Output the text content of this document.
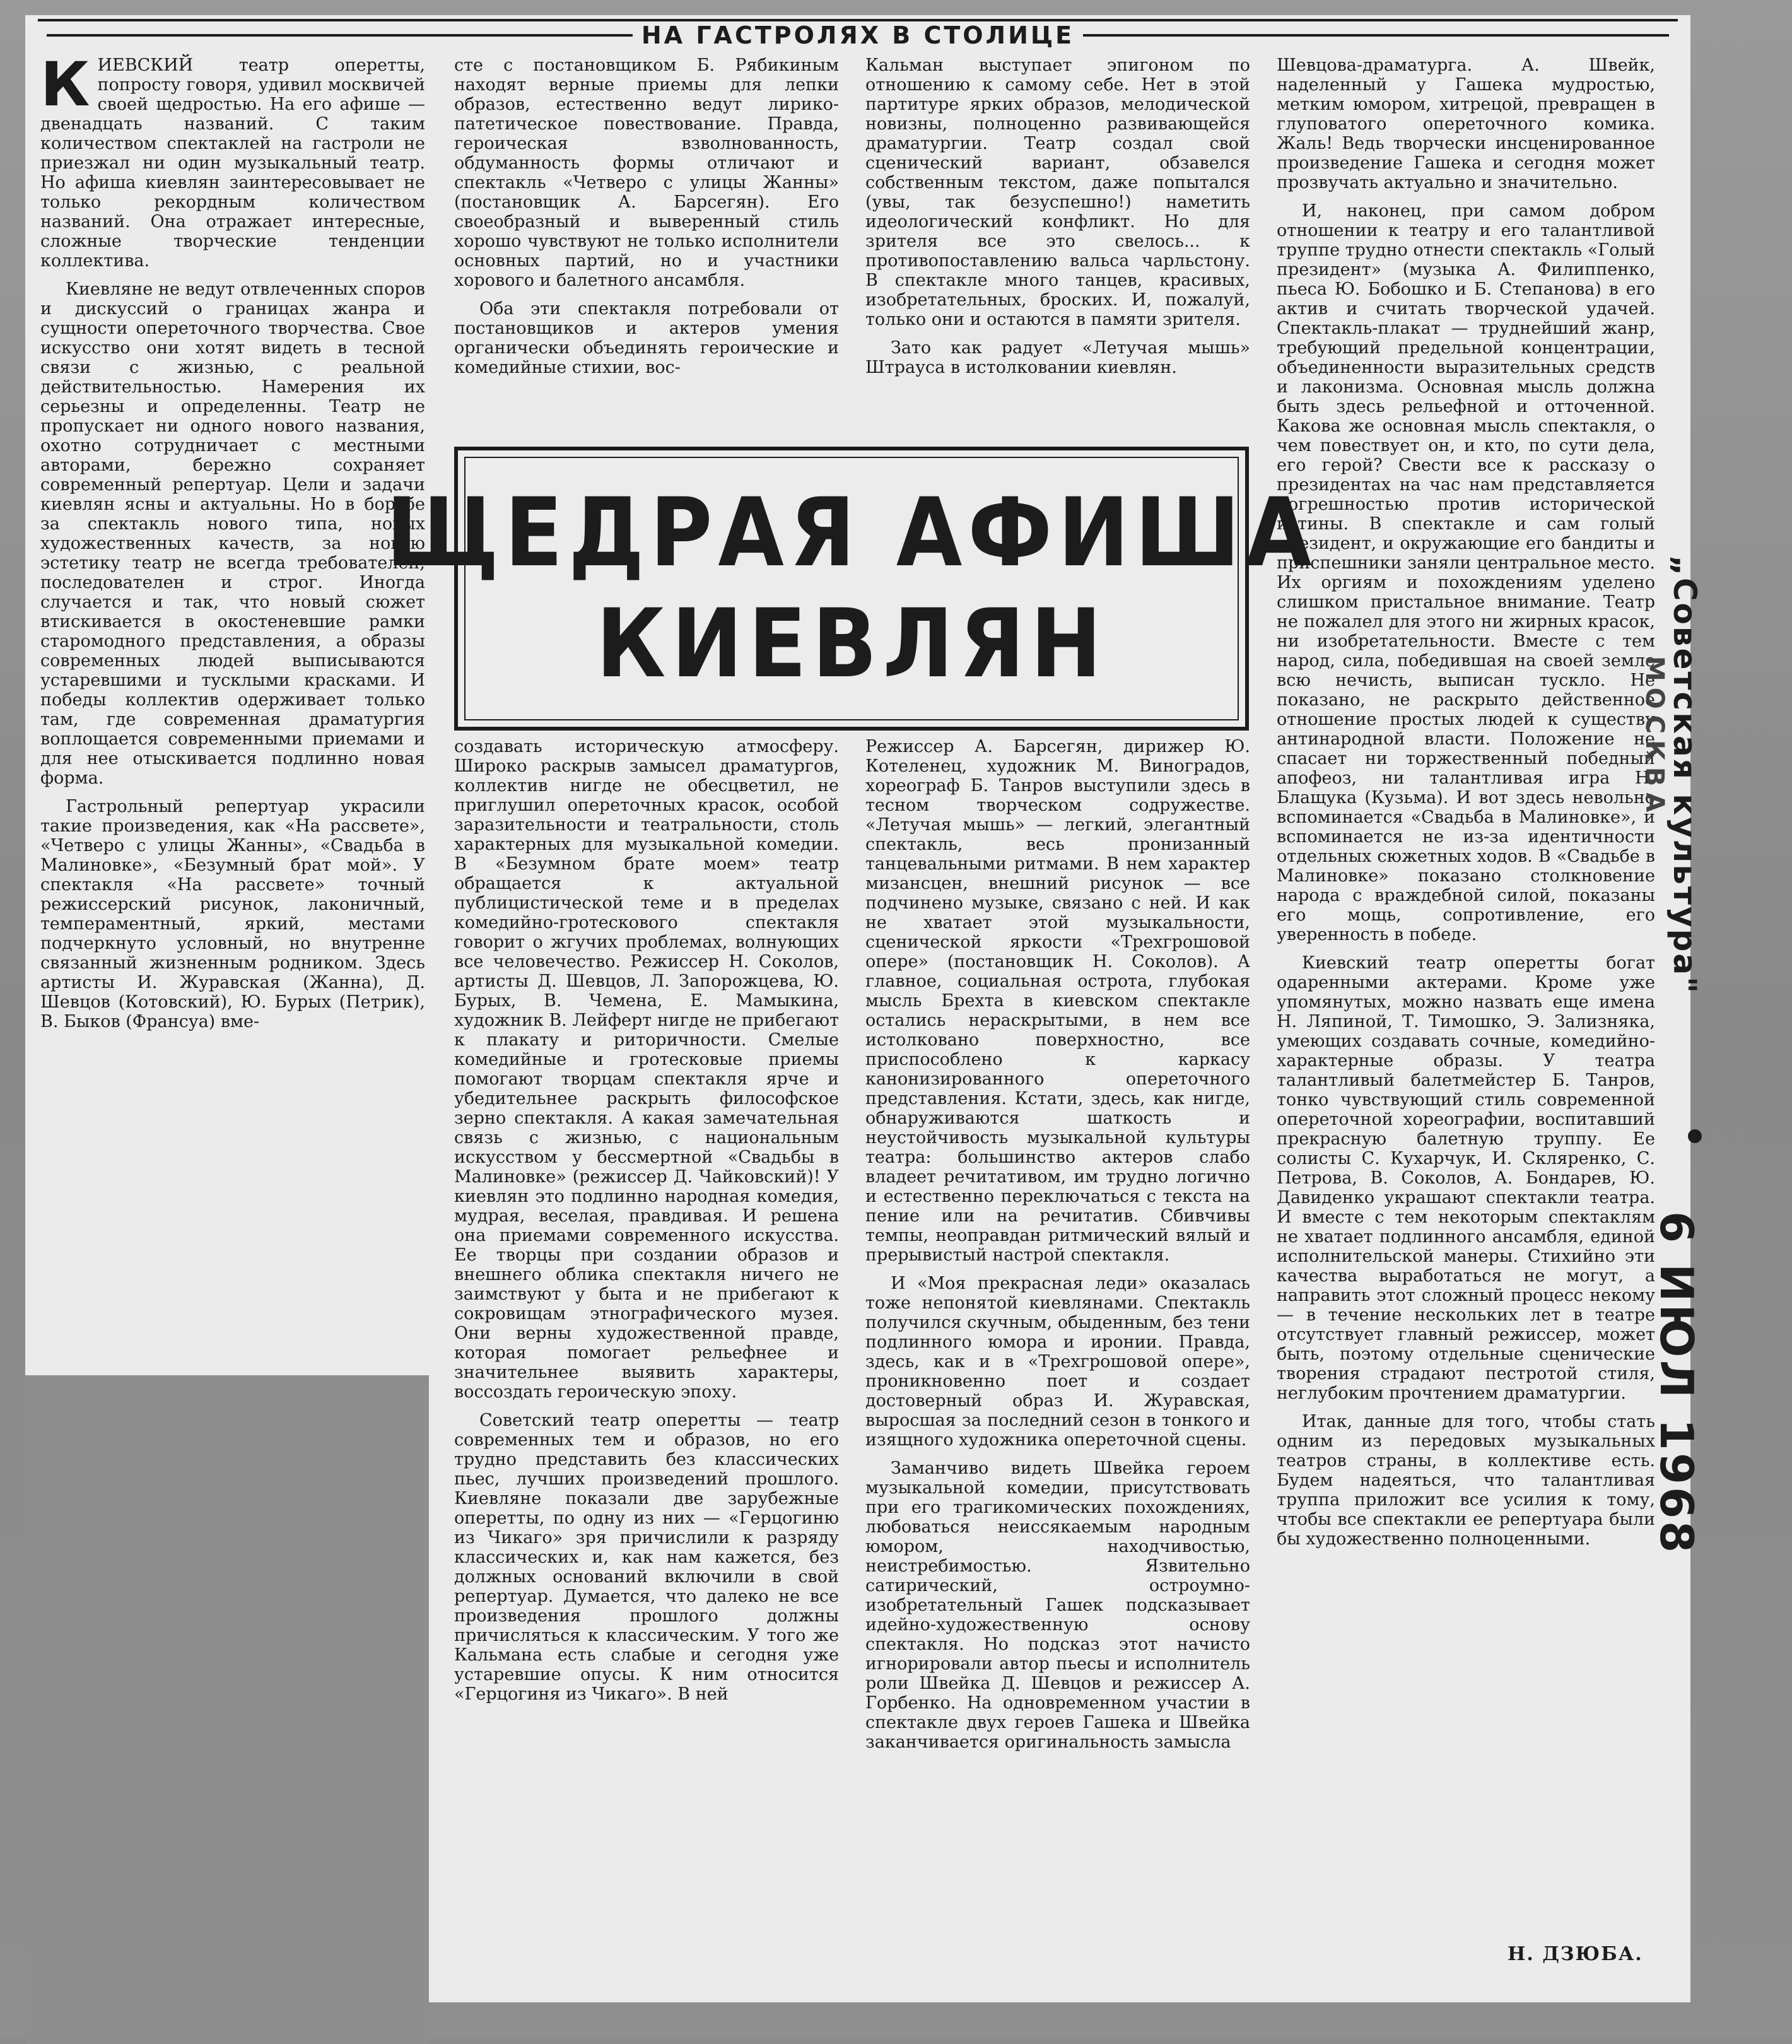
НА ГАСТРОЛЯХ В СТОЛИЦЕ

КИЕВСКИЙ театр оперетты, попросту говоря, удивил москвичей своей щедростью. На его афише — двенадцать названий. С таким количеством спектаклей на гастроли не приезжал ни один музыкальный театр. Но афиша киевлян заинтересовывает не только рекордным количеством названий. Она отражает интересные, сложные творческие тенденции коллектива.

Киевляне не ведут отвлеченных споров и дискуссий о границах жанра и сущности опереточного творчества. Свое искусство они хотят видеть в тесной связи с жизнью, с реальной действительностью. Намерения их серьезны и определенны. Театр не пропускает ни одного нового названия, охотно сотрудничает с местными авторами, бережно сохраняет современный репертуар. Цели и задачи киевлян ясны и актуальны. Но в борьбе за спектакль нового типа, новых художественных качеств, за новую эстетику театр не всегда требователен, последователен и строг. Иногда случается и так, что новый сюжет втискивается в окостеневшие рамки старомодного представления, а образы современных людей выписываются устаревшими и тусклыми красками. И победы коллектив одерживает только там, где современная драматургия воплощается современными приемами и для нее отыскивается подлинно новая форма.

Гастрольный репертуар украсили такие произведения, как «На рассвете», «Четверо с улицы Жанны», «Свадьба в Малиновке», «Безумный брат мой». У спектакля «На рассвете» точный режиссерский рисунок, лаконичный, темпераментный, яркий, местами подчеркнуто условный, но внутренне связанный жизненным родником. Здесь артисты И. Журавская (Жанна), Д. Шевцов (Котовский), Ю. Бурых (Петрик), В. Быков (Франсуа) вме-

сте с постановщиком Б. Рябикиным находят верные приемы для лепки образов, естественно ведут лирико-патетическое повествование. Правда, героическая взволнованность, обдуманность формы отличают и спектакль «Четверо с улицы Жанны» (постановщик А. Барсегян). Его своеобразный и выверенный стиль хорошо чувствуют не только исполнители основных партий, но и участники хорового и балетного ансамбля.

Оба эти спектакля потребовали от постановщиков и актеров умения органически объединять героические и комедийные стихии, вос-

Кальман выступает эпигоном по отношению к самому себе. Нет в этой партитуре ярких образов, мелодической новизны, полноценно развивающейся драматургии. Театр создал свой сценический вариант, обзавелся собственным текстом, даже попытался (увы, так безуспешно!) наметить идеологический конфликт. Но для зрителя все это свелось... к противопоставлению вальса чарльстону. В спектакле много танцев, красивых, изобретательных, броских. И, пожалуй, только они и остаются в памяти зрителя.

Зато как радует «Летучая мышь» Штрауса в истолковании киевлян.

ЩЕДРАЯ АФИША
КИЕВЛЯН

создавать историческую атмосферу. Широко раскрыв замысел драматургов, коллектив нигде не обесцветил, не приглушил опереточных красок, особой заразительности и театральности, столь характерных для музыкальной комедии. В «Безумном брате моем» театр обращается к актуальной публицистической теме и в пределах комедийно-гротескового спектакля говорит о жгучих проблемах, волнующих все человечество. Режиссер Н. Соколов, артисты Д. Шевцов, Л. Запорожцева, Ю. Бурых, В. Чемена, Е. Мамыкина, художник В. Лейферт нигде не прибегают к плакату и риторичности. Смелые комедийные и гротесковые приемы помогают творцам спектакля ярче и убедительнее раскрыть философское зерно спектакля. А какая замечательная связь с жизнью, с национальным искусством у бессмертной «Свадьбы в Малиновке» (режиссер Д. Чайковский)! У киевлян это подлинно народная комедия, мудрая, веселая, правдивая. И решена она приемами современного искусства. Ее творцы при создании образов и внешнего облика спектакля ничего не заимствуют у быта и не прибегают к сокровищам этнографического музея. Они верны художественной правде, которая помогает рельефнее и значительнее выявить характеры, воссоздать героическую эпоху.

Советский театр оперетты — театр современных тем и образов, но его трудно представить без классических пьес, лучших произведений прошлого. Киевляне показали две зарубежные оперетты, по одну из них — «Герцогиню из Чикаго» зря причислили к разряду классических и, как нам кажется, без должных оснований включили в свой репертуар. Думается, что далеко не все произведения прошлого должны причисляться к классическим. У того же Кальмана есть слабые и сегодня уже устаревшие опусы. К ним относится «Герцогиня из Чикаго». В ней

Режиссер А. Барсегян, дирижер Ю. Котеленец, художник М. Виноградов, хореограф Б. Танров выступили здесь в тесном творческом содружестве. «Летучая мышь» — легкий, элегантный спектакль, весь пронизанный танцевальными ритмами. В нем характер мизансцен, внешний рисунок — все подчинено музыке, связано с ней. И как не хватает этой музыкальности, сценической яркости «Трехгрошовой опере» (постановщик Н. Соколов). А главное, социальная острота, глубокая мысль Брехта в киевском спектакле остались нераскрытыми, в нем все истолковано поверхностно, все приспособлено к каркасу канонизированного опереточного представления. Кстати, здесь, как нигде, обнаруживаются шаткость и неустойчивость музыкальной культуры театра: большинство актеров слабо владеет речитативом, им трудно логично и естественно переключаться с текста на пение или на речитатив. Сбивчивы темпы, неоправдан ритмический вялый и прерывистый настрой спектакля.

И «Моя прекрасная леди» оказалась тоже непонятой киевлянами. Спектакль получился скучным, обыденным, без тени подлинного юмора и иронии. Правда, здесь, как и в «Трехгрошовой опере», проникновенно поет и создает достоверный образ И. Журавская, выросшая за последний сезон в тонкого и изящного художника опереточной сцены.

Заманчиво видеть Швейка героем музыкальной комедии, присутствовать при его трагикомических похождениях, любоваться неиссякаемым народным юмором, находчивостью, неистребимостью. Язвительно сатирический, остроумно-изобретательный Гашек подсказывает идейно-художественную основу спектакля. Но подсказ этот начисто игнорировали автор пьесы и исполнитель роли Швейка Д. Шевцов и режиссер А. Горбенко. На одновременном участии в спектакле двух героев Гашека и Швейка заканчивается оригинальность замысла

Шевцова-драматурга. А. Швейк, наделенный у Гашека мудростью, метким юмором, хитрецой, превращен в глуповатого опереточного комика. Жаль! Ведь творчески инсценированное произведение Гашека и сегодня может прозвучать актуально и значительно.

И, наконец, при самом добром отношении к театру и его талантливой труппе трудно отнести спектакль «Голый президент» (музыка А. Филиппенко, пьеса Ю. Бобошко и Б. Степанова) в его актив и считать творческой удачей. Спектакль-плакат — труднейший жанр, требующий предельной концентрации, объединенности выразительных средств и лаконизма. Основная мысль должна быть здесь рельефной и отточенной. Какова же основная мысль спектакля, о чем повествует он, и кто, по сути дела, его герой? Свести все к рассказу о президентах на час нам представляется погрешностью против исторической истины. В спектакле и сам голый президент, и окружающие его бандиты и приспешники заняли центральное место. Их оргиям и похождениям уделено слишком пристальное внимание. Театр не пожалел для этого ни жирных красок, ни изобретательности. Вместе с тем народ, сила, победившая на своей земле всю нечисть, выписан тускло. Не показано, не раскрыто действенное отношение простых людей к существу антинародной власти. Положение не спасает ни торжественный победный апофеоз, ни талантливая игра Н. Блащука (Кузьма). И вот здесь невольно вспоминается «Свадьба в Малиновке», и вспоминается не из-за идентичности отдельных сюжетных ходов. В «Свадьбе в Малиновке» показано столкновение народа с враждебной силой, показаны его мощь, сопротивление, его уверенность в победе.

Киевский театр оперетты богат одаренными актерами. Кроме уже упомянутых, можно назвать еще имена Н. Ляпиной, Т. Тимошко, Э. Зализняка, умеющих создавать сочные, комедийно-характерные образы. У театра талантливый балетмейстер Б. Танров, тонко чувствующий стиль современной опереточной хореографии, воспитавший прекрасную балетную труппу. Ее солисты С. Кухарчук, И. Скляренко, С. Петрова, В. Соколов, А. Бондарев, Ю. Давиденко украшают спектакли театра. И вместе с тем некоторым спектаклям не хватает подлинного ансамбля, единой исполнительской манеры. Стихийно эти качества выработаться не могут, а направить этот сложный процесс некому — в течение нескольких лет в театре отсутствует главный режиссер, может быть, поэтому отдельные сценические творения страдают пестротой стиля, неглубоким прочтением драматургии.

Итак, данные для того, чтобы стать одним из передовых музыкальных театров страны, в коллективе есть. Будем надеяться, что талантливая труппа приложит все усилия к тому, чтобы все спектакли ее репертуара были бы художественно полноценными.

Н. ДЗЮБА.
„Советская культура"
МОСКВА
6 ИЮЛ 1968
